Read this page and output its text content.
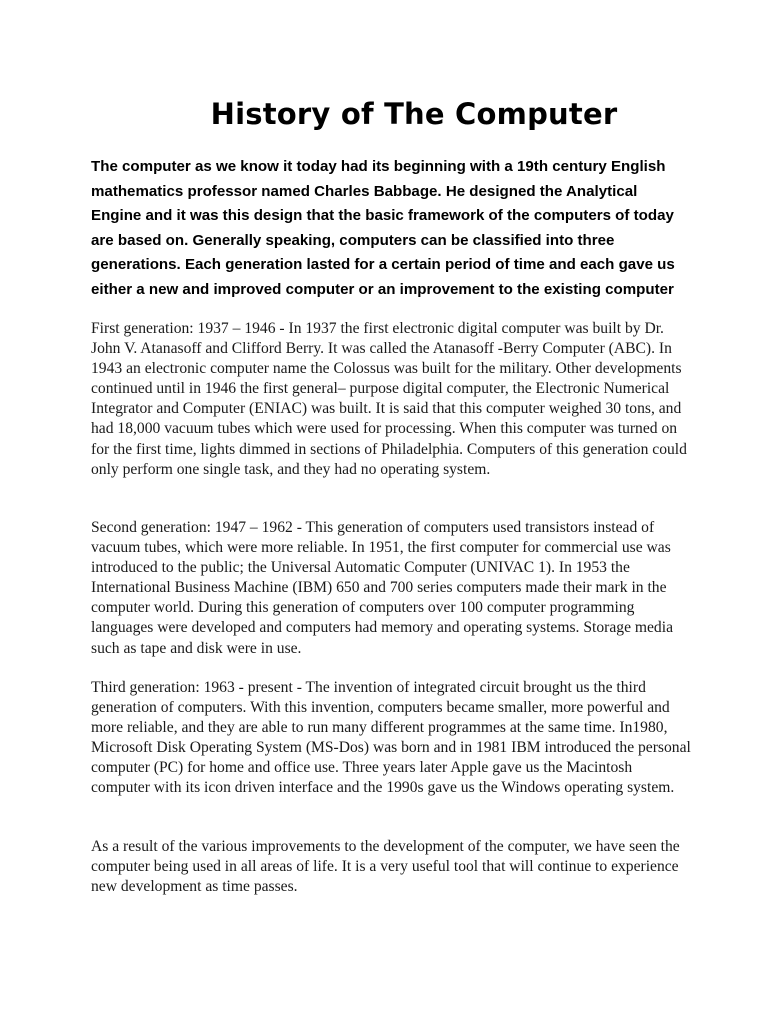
History of The Computer

The computer as we know it today had its beginning with a 19th century English mathematics professor named Charles Babbage. He designed the Analytical Engine and it was this design that the basic framework of the computers of today are based on. Generally speaking, computers can be classified into three generations. Each generation lasted for a certain period of time and each gave us either a new and improved computer or an improvement to the existing computer

First generation: 1937 – 1946 - In 1937 the first electronic digital computer was built by Dr. John V. Atanasoff and Clifford Berry. It was called the Atanasoff -Berry Computer (ABC). In 1943 an electronic computer name the Colossus was built for the military. Other developments continued until in 1946 the first general– purpose digital computer, the Electronic Numerical Integrator and Computer (ENIAC) was built. It is said that this computer weighed 30 tons, and had 18,000 vacuum tubes which were used for processing. When this computer was turned on for the first time, lights dimmed in sections of Philadelphia. Computers of this generation could only perform one single task, and they had no operating system.

Second generation: 1947 – 1962 - This generation of computers used transistors instead of vacuum tubes, which were more reliable. In 1951, the first computer for commercial use was introduced to the public; the Universal Automatic Computer (UNIVAC 1). In 1953 the International Business Machine (IBM) 650 and 700 series computers made their mark in the computer world. During this generation of computers over 100 computer programming languages were developed and computers had memory and operating systems. Storage media such as tape and disk were in use.

Third generation: 1963 - present - The invention of integrated circuit brought us the third generation of computers. With this invention, computers became smaller, more powerful and more reliable, and they are able to run many different programmes at the same time. In1980, Microsoft Disk Operating System (MS-Dos) was born and in 1981 IBM introduced the personal computer (PC) for home and office use. Three years later Apple gave us the Macintosh computer with its icon driven interface and the 1990s gave us the Windows operating system.

As a result of the various improvements to the development of the computer, we have seen the computer being used in all areas of life. It is a very useful tool that will continue to experience new development as time passes.
